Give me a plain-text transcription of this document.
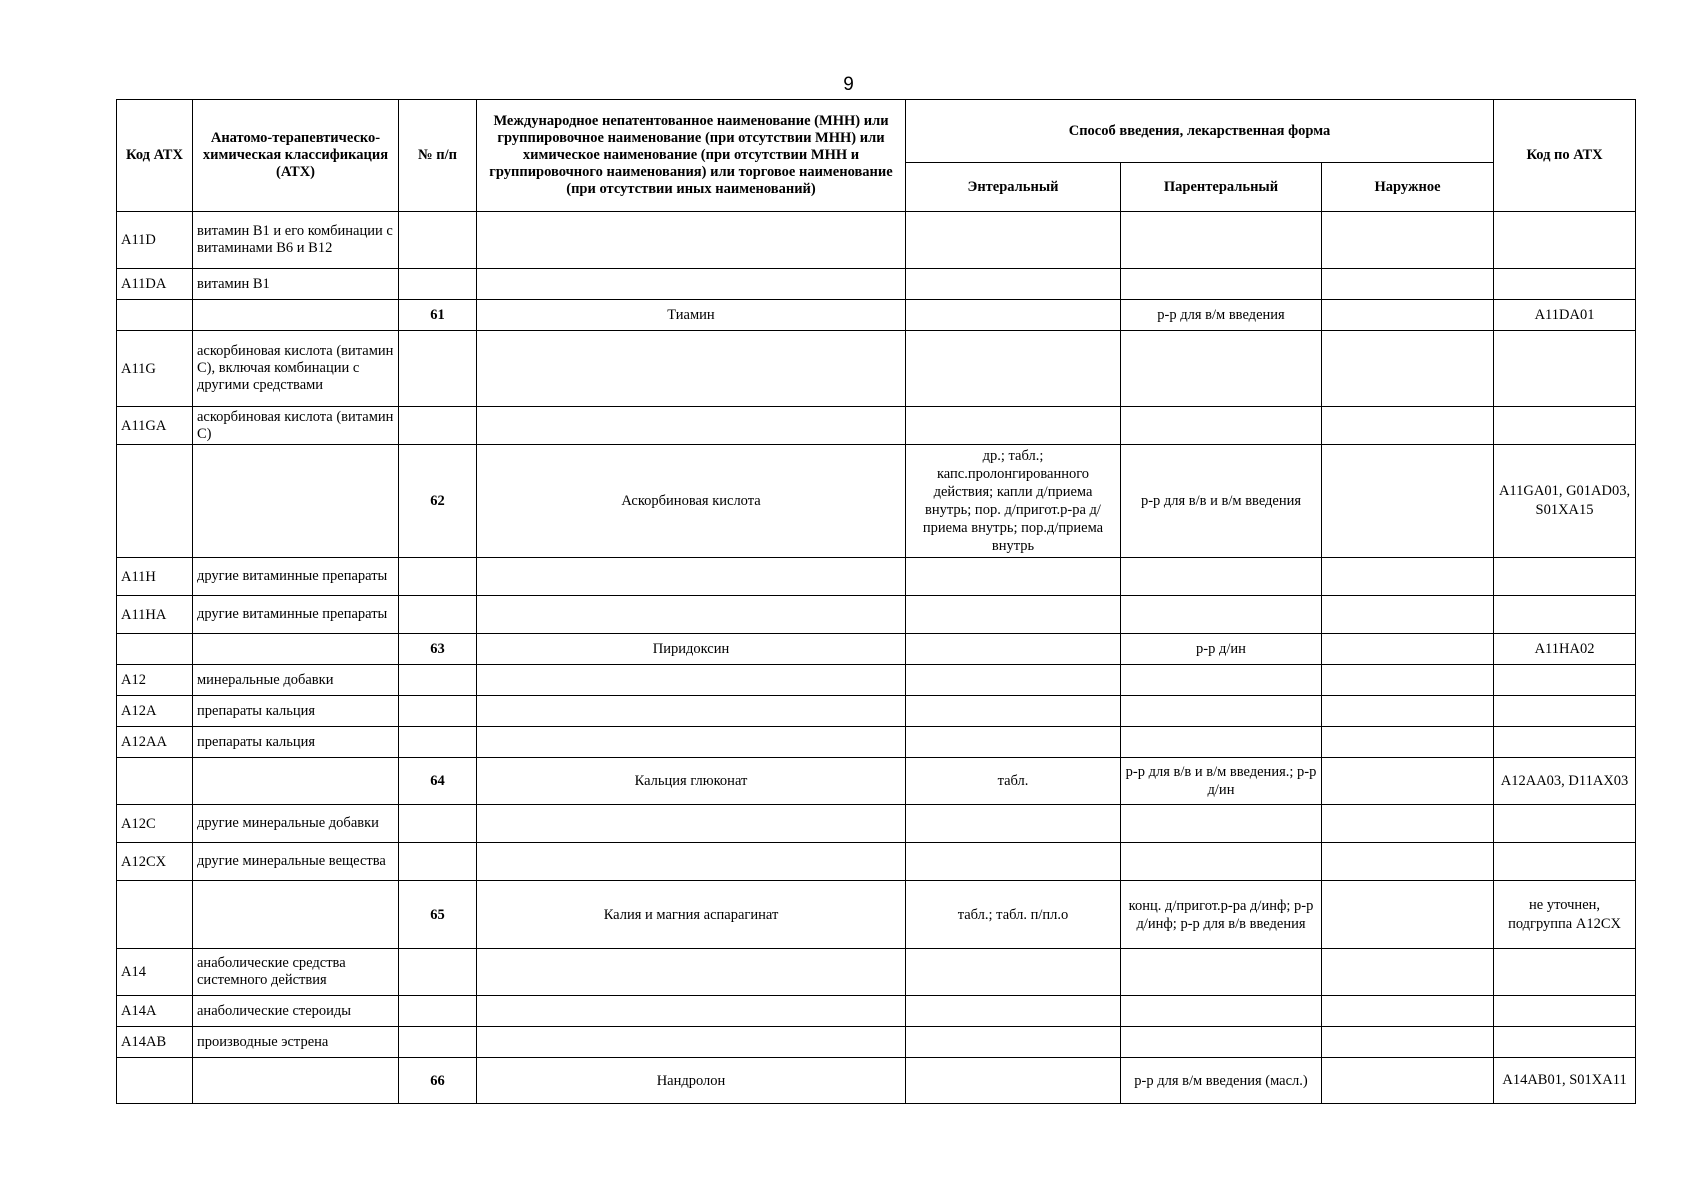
9
Код АТХ	Анатомо-терапевтическо-химическая классификация (АТХ)	№ п/п	Международное непатентованное наименование (МНН) или группировочное наименование (при отсутствии МНН) или химическое наименование (при отсутствии МНН и группировочного наименования) или торговое наименование (при отсутствии иных наименований)	Способ введения, лекарственная форма			Код по АТХ
				Энтеральный	Парентеральный	Наружное	
A11D	витамин B1 и его комбинации с витаминами B6 и B12						
A11DA	витамин B1						
		61	Тиамин		р-р для в/м введения		A11DA01
A11G	аскорбиновая кислота (витамин C), включая комбинации с другими средствами						
A11GA	аскорбиновая кислота (витамин C)						
		62	Аскорбиновая кислота	др.; табл.; капс.пролонгированного действия; капли д/приема внутрь; пор. д/пригот.р-ра д/приема внутрь; пор.д/приема внутрь	р-р для в/в и в/м введения		A11GA01, G01AD03, S01XA15
A11H	другие витаминные препараты						
A11HA	другие витаминные препараты						
		63	Пиридоксин		р-р д/ин		A11HA02
A12	минеральные добавки						
A12A	препараты кальция						
A12AA	препараты кальция						
		64	Кальция глюконат	табл.	р-р для в/в и в/м введения.; р-р д/ин		A12AA03, D11AX03
A12C	другие минеральные добавки						
A12CX	другие минеральные вещества						
		65	Калия и магния аспарагинат	табл.; табл. п/пл.о	конц. д/пригот.р-ра д/инф; р-р д/инф; р-р для в/в введения		не уточнен, подгруппа A12CX
A14	анаболические средства системного действия						
A14A	анаболические стероиды						
A14AB	производные эстрена						
		66	Нандролон		р-р для в/м введения (масл.)		A14AB01, S01XA11
